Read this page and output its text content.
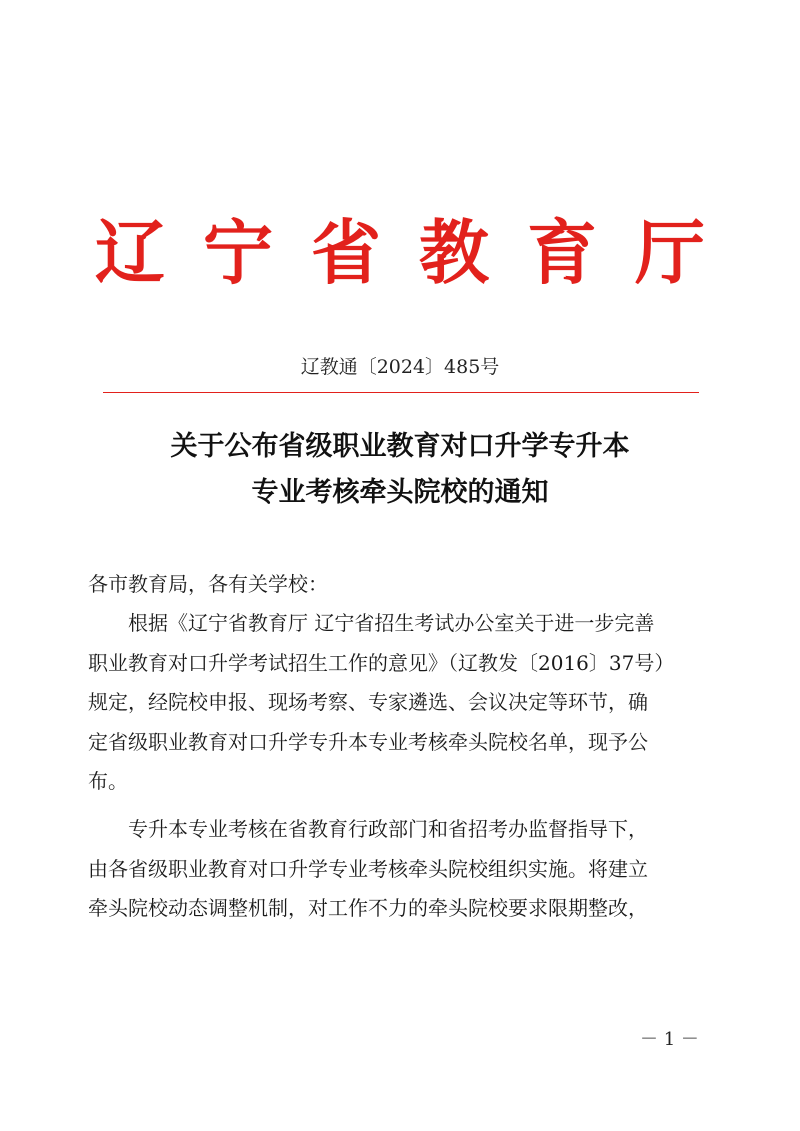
辽宁省教育厅
辽教通〔2024〕485号
关于公布省级职业教育对口升学专升本
专业考核牵头院校的通知
各市教育局，各有关学校：
　　根据《辽宁省教育厅 辽宁省招生考试办公室关于进一步完善
职业教育对口升学考试招生工作的意见》（辽教发〔2016〕37号）
规定，经院校申报、现场考察、专家遴选、会议决定等环节，确
定省级职业教育对口升学专升本专业考核牵头院校名单，现予公
布。
　　专升本专业考核在省教育行政部门和省招考办监督指导下，
由各省级职业教育对口升学专业考核牵头院校组织实施。将建立
牵头院校动态调整机制，对工作不力的牵头院校要求限期整改，
－ 1 －
